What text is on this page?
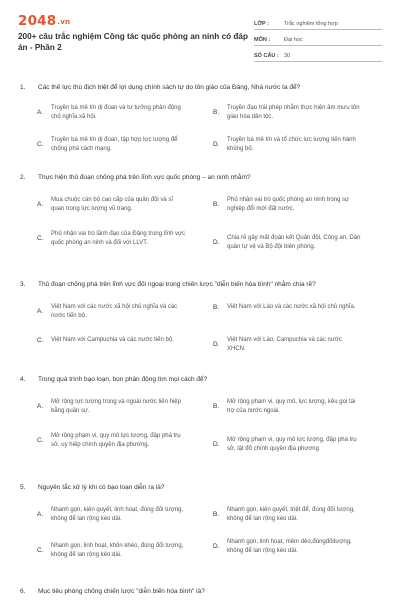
2048.vn
200+ câu trắc nghiệm Công tác quốc phòng an ninh có đáp án - Phần 2
LỚP :	Trắc nghiệm tổng hợp
MÔN :	Đại học
SỐ CÂU : 30
1. Các thế lực thù địch triệt để lợi dụng chính sách tự do tôn giáo của Đảng, Nhà nước ta để?
A.
Truyền bá mê tín dị đoan và tư tưởng phản động chủ nghĩa xã hội.
B.
Truyền đạo trái phép nhằm thực hiện âm mưu tôn giáo hóa dân tộc.
C.
Truyền bá mê tín dị đoan, tập hợp lực lượng để chống phá cách mạng.
D.
Truyền bá mê tín và tổ chức lực lượng tiến hành khủng bố.
2. Thực hiện thủ đoạn chống phá trên lĩnh vực quốc phòng – an ninh nhằm?
A.
Mua chuộc cán bộ cao cấp của quân đội và sĩ quan trong lực lượng vũ trang.
B.
Phủ nhận vai trò quốc phòng an ninh trong sự nghiệp đổi mới đất nước.
C.
Phủ nhận vai trò lãnh đạo của Đảng trong lĩnh vực quốc phòng an ninh và đối với LLVT.	D.
Chia rẽ gây mất đoàn kết Quân đội, Công an, Dân quân tự vệ và Bộ đội biên phòng.
3. Thủ đoạn chống phá trên lĩnh vực đối ngoại trong chiến lược "diễn biến hòa bình" nhằm chia rẽ?
A.
Việt Nam với các nước xã hội chủ nghĩa và các nước tiến bộ.
B.	Việt Nam với Lào và các nước xã hội chủ nghĩa.
C.	Việt Nam với Campuchia và các nước tiến bộ.
D.
Việt Nam với Lào, Campuchia và các nước XHCN.
4. Trong quá trình bạo loạn, bọn phản động tìm mọi cách để?
A.
Mở rộng lực lượng trong và ngoài nước liên hiệp bằng quân sự.
B.
Mở rộng phạm vi, quy mô, lực lượng, kêu gọi tài trợ của nước ngoài.
C.
Mở rộng phạm vi, quy mô lực lượng, đập phá trụ sở, uy hiếp chính quyền địa phương.	D.
Mở rộng phạm vi, quy mô lực lượng, đập phá trụ sở, lật đổ chính quyền địa phương
5. Nguyên tắc xử lý khi có bạo loạn diễn ra là?
A.
Nhanh gọn, kiên quyết, linh hoạt, đúng đối tượng, không để lan rộng kéo dài.
B.
Nhanh gọn, kiên quyết, triệt để, đúng đối tượng, không để lan rộng kéo dài.
C.
Nhanh gọn, linh hoạt, khôn khéo, đúng đối tượng, không để lan rộng kéo dài.
D.
Nhanh gọn, linh hoạt, mềm dẻo,đúngđốitượng, không để lan rộng kéo dài.
6. Mục tiêu phòng chống chiến lược "diễn biến hòa bình" là?
